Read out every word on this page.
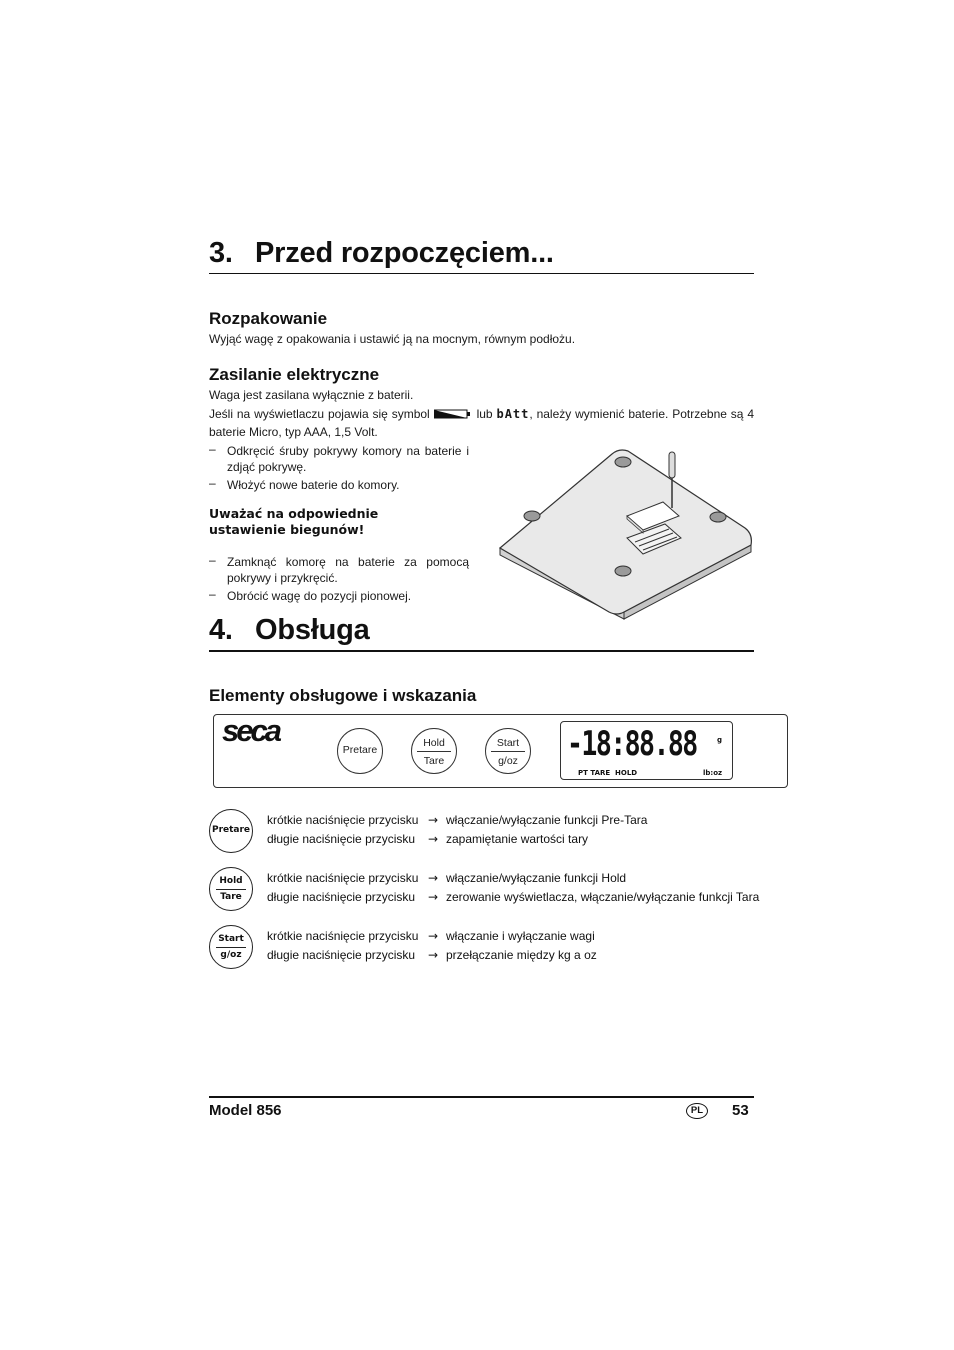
3. Przed rozpoczęciem...
Rozpakowanie
Wyjąć wagę z opakowania i ustawić ją na mocnym, równym podłożu.
Zasilanie elektryczne
Waga jest zasilana wyłącznie z baterii.
Jeśli na wyświetlaczu pojawia się symbol	lub bAtt, należy wymienić baterie. Potrzebne są 4
baterie Micro, typ AAA, 1,5 Volt.
– Odkręcić śruby pokrywy komory na baterie i
zdjąć pokrywę.
– Włożyć nowe baterie do komory.
Uważać na odpowiednie
ustawienie biegunów!
– Zamknąć komorę na baterie za pomocą
pokrywy i przykręcić.
– Obrócić wagę do pozycji pionowej.
4. Obsługa
Elementy obsługowe i wskazania
seca
Pretare
Hold
Tare
Start
g/oz	-18:88.88	g
PT TARE  HOLD	lb:oz
Pretare
krótkie naciśnięcie przycisku → włączanie/wyłączanie funkcji Pre-Tara
długie naciśnięcie przycisku → zapamiętanie wartości tary
Hold
Tare
krótkie naciśnięcie przycisku → włączanie/wyłączanie funkcji Hold
długie naciśnięcie przycisku → zerowanie wyświetlacza, włączanie/wyłączanie funkcji Tara
Start
g/oz
krótkie naciśnięcie przycisku → włączanie i wyłączanie wagi
długie naciśnięcie przycisku → przełączanie między kg a oz
Model 856	PL	53
